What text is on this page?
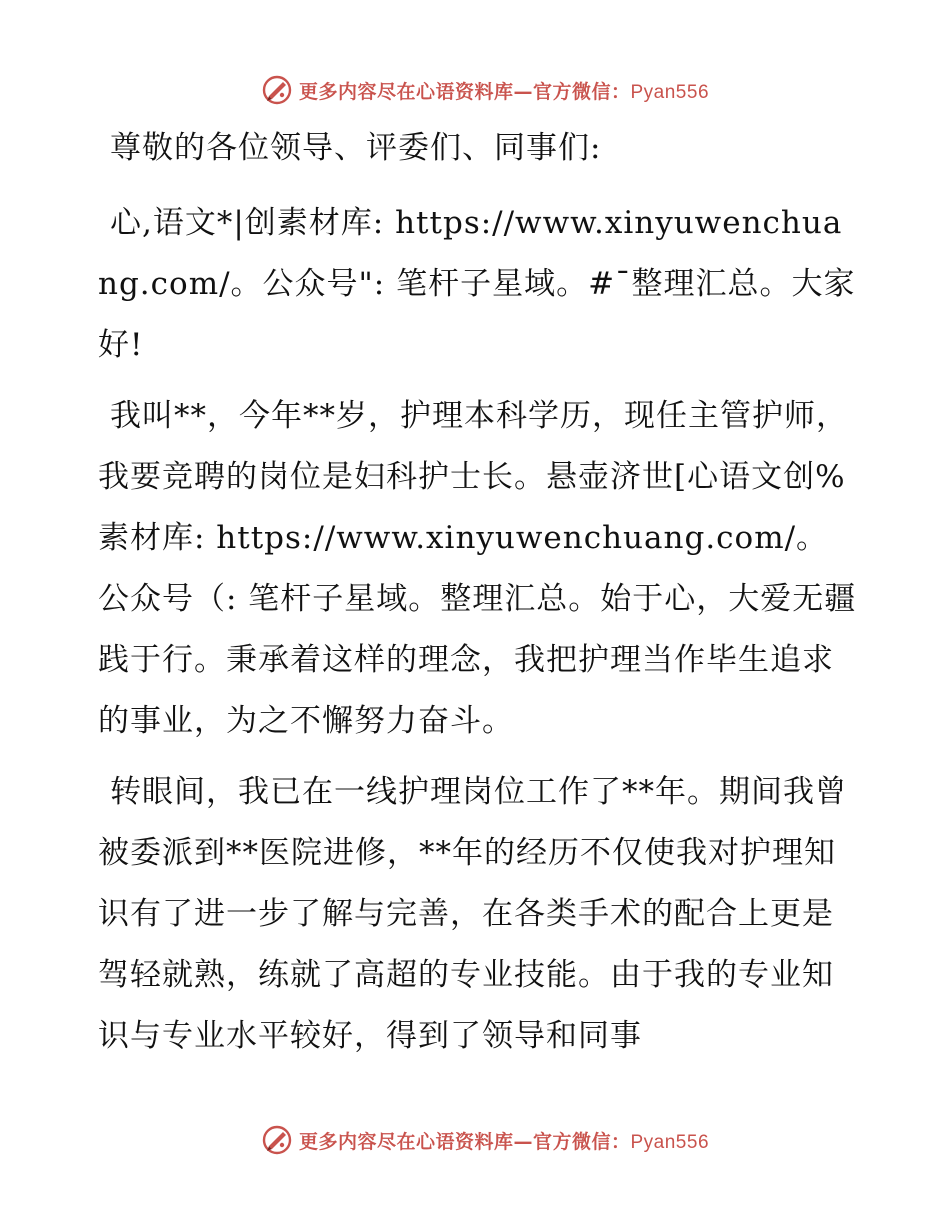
更多内容尽在心语资料库—官方微信：Pyan556

尊敬的各位领导、评委们、同事们:

心,语文*|创素材库: https://www.xinyuwenchuang.com/。公众号": 笔杆子星域。#¯整理汇总。大家好!

我叫**，今年**岁，护理本科学历，现任主管护师，我要竞聘的岗位是妇科护士长。悬壶济世[心语文创%素材库: https://www.xinyuwenchuang.com/。公众号（: 笔杆子星域。整理汇总。始于心，大爱无疆践于行。秉承着这样的理念，我把护理当作毕生追求的事业，为之不懈努力奋斗。

转眼间，我已在一线护理岗位工作了**年。期间我曾被委派到**医院进修，**年的经历不仅使我对护理知识有了进一步了解与完善，在各类手术的配合上更是驾轻就熟，练就了高超的专业技能。由于我的专业知识与专业水平较好，得到了领导和同事

更多内容尽在心语资料库—官方微信：Pyan556
